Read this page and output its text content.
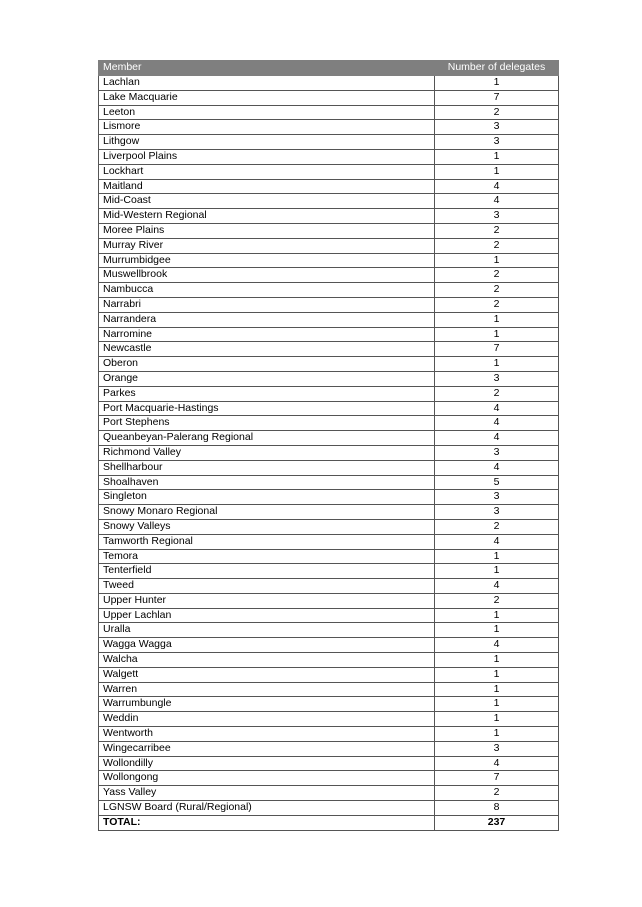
Member	Number of delegates
Lachlan	1
Lake Macquarie	7
Leeton	2
Lismore	3
Lithgow	3
Liverpool Plains	1
Lockhart	1
Maitland	4
Mid-Coast	4
Mid-Western Regional	3
Moree Plains	2
Murray River	2
Murrumbidgee	1
Muswellbrook	2
Nambucca	2
Narrabri	2
Narrandera	1
Narromine	1
Newcastle	7
Oberon	1
Orange	3
Parkes	2
Port Macquarie-Hastings	4
Port Stephens	4
Queanbeyan-Palerang Regional	4
Richmond Valley	3
Shellharbour	4
Shoalhaven	5
Singleton	3
Snowy Monaro Regional	3
Snowy Valleys	2
Tamworth Regional	4
Temora	1
Tenterfield	1
Tweed	4
Upper Hunter	2
Upper Lachlan	1
Uralla	1
Wagga Wagga	4
Walcha	1
Walgett	1
Warren	1
Warrumbungle	1
Weddin	1
Wentworth	1
Wingecarribee	3
Wollondilly	4
Wollongong	7
Yass Valley	2
LGNSW Board (Rural/Regional)	8
TOTAL:	237
